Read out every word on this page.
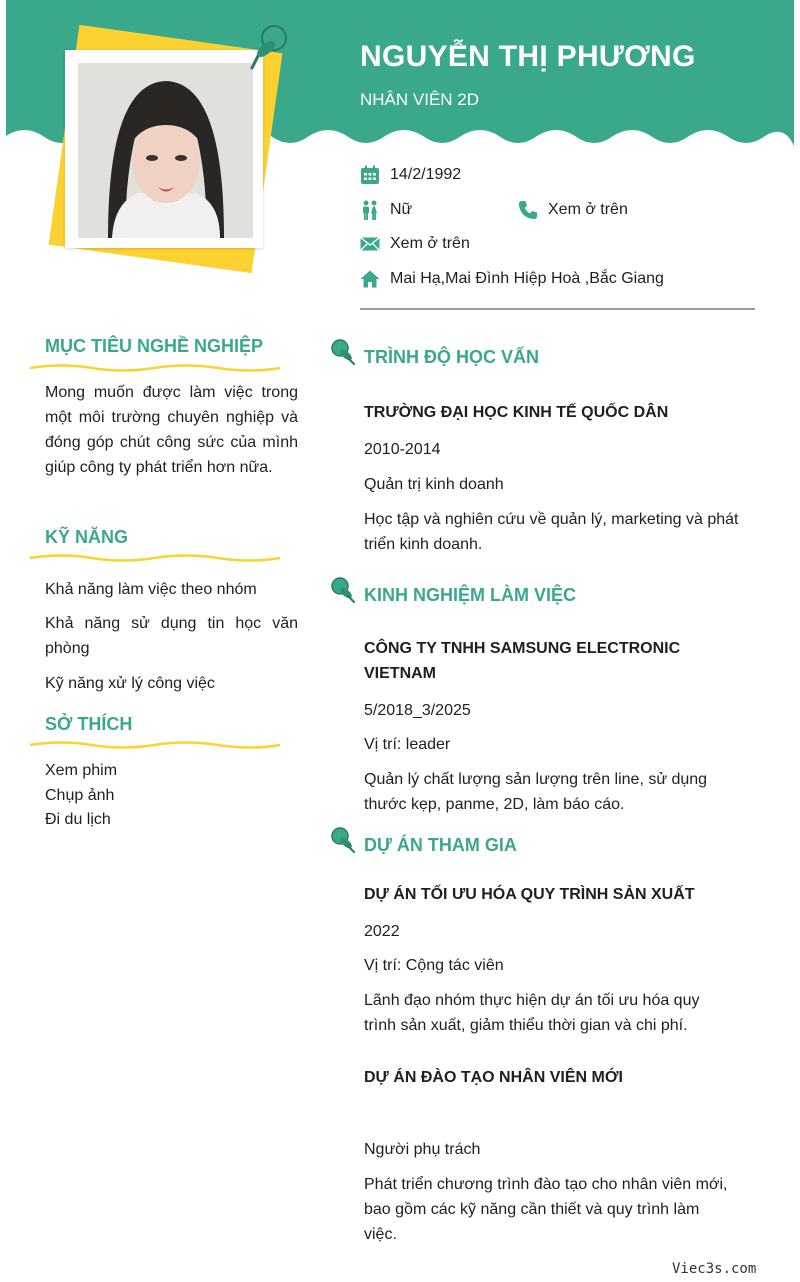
NGUYỄN THỊ PHƯƠNG
NHÂN VIÊN 2D
14/2/1992
Nữ	Xem ở trên
Xem ở trên
Mai Hạ,Mai Đình Hiệp Hoà ,Bắc Giang
MỤC TIÊU NGHỀ NGHIỆP
Mong muốn được làm việc trong một môi trường chuyên nghiệp và đóng góp chút công sức của mình giúp công ty phát triển hơn nữa.
KỸ NĂNG
Khả năng làm việc theo nhóm
Khả năng sử dụng tin học văn phòng
Kỹ năng xử lý công việc
SỞ THÍCH
Xem phim
Chụp ảnh
Đi du lịch
TRÌNH ĐỘ HỌC VẤN
TRƯỜNG ĐẠI HỌC KINH TẾ QUỐC DÂN
2010-2014
Quản trị kinh doanh
Học tập và nghiên cứu về quản lý, marketing và phát triển kinh doanh.
KINH NGHIỆM LÀM VIỆC
CÔNG TY TNHH SAMSUNG ELECTRONIC VIETNAM
5/2018_3/2025
Vị trí: leader
Quản lý chất lượng sản lượng trên line, sử dụng thước kẹp, panme, 2D, làm báo cáo.
DỰ ÁN THAM GIA
DỰ ÁN TỐI ƯU HÓA QUY TRÌNH SẢN XUẤT
2022
Vị trí: Cộng tác viên
Lãnh đạo nhóm thực hiện dự án tối ưu hóa quy trình sản xuất, giảm thiểu thời gian và chi phí.
DỰ ÁN ĐÀO TẠO NHÂN VIÊN MỚI
Người phụ trách
Phát triển chương trình đào tạo cho nhân viên mới, bao gồm các kỹ năng cần thiết và quy trình làm việc.
Viec3s.com
